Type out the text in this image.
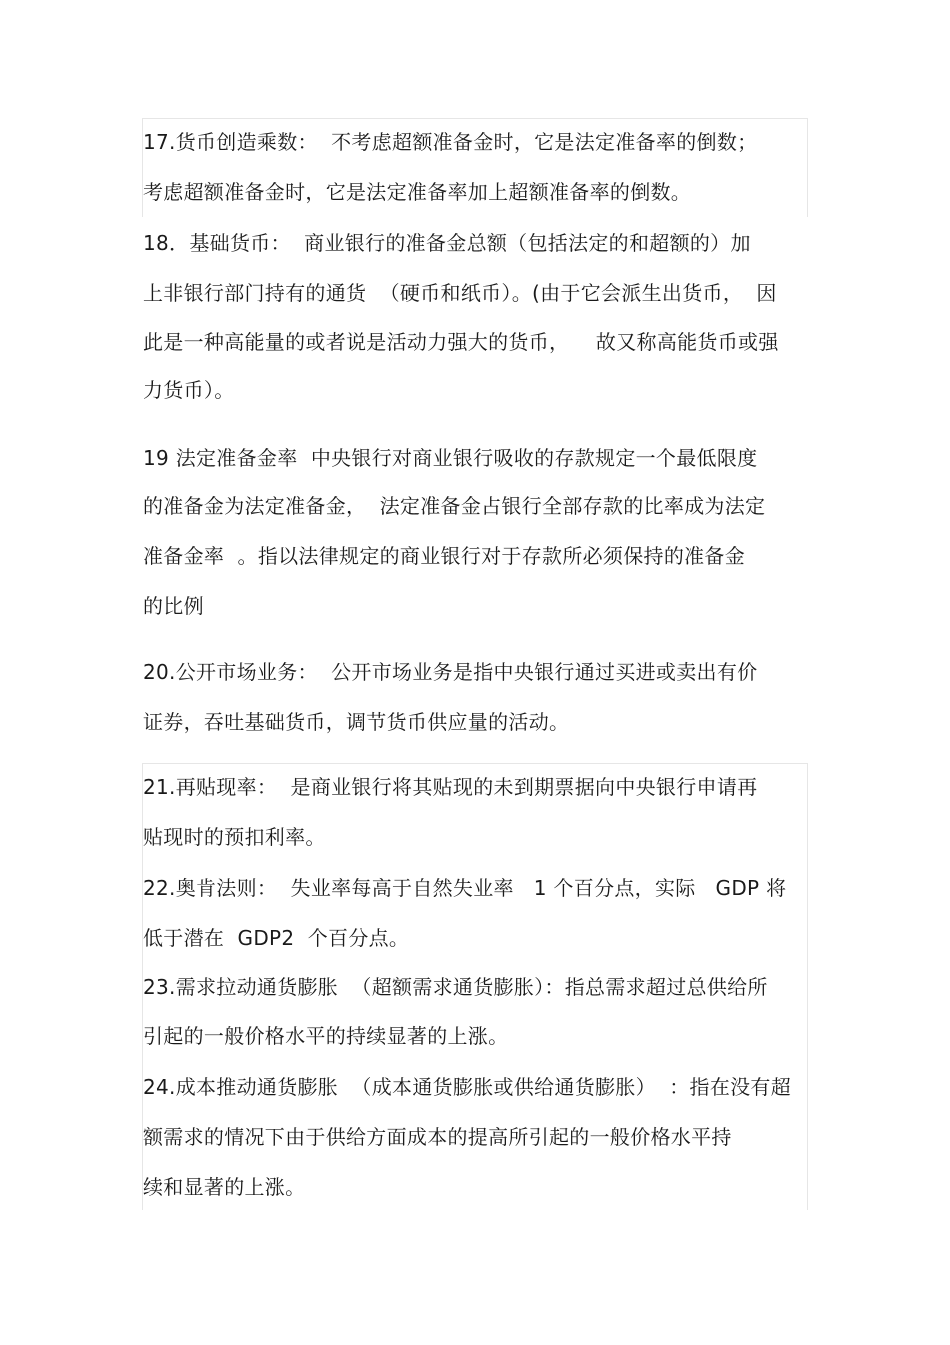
17.货币创造乘数：  不考虑超额准备金时，它是法定准备率的倒数；
考虑超额准备金时，它是法定准备率加上超额准备率的倒数。
18．基础货币：  商业银行的准备金总额（包括法定的和超额的）加
上非银行部门持有的通货  （硬币和纸币）。(由于它会派生出货币，  因
此是一种高能量的或者说是活动力强大的货币，    故又称高能货币或强
力货币）。
19 法定准备金率  中央银行对商业银行吸收的存款规定一个最低限度
的准备金为法定准备金，  法定准备金占银行全部存款的比率成为法定
准备金率  。指以法律规定的商业银行对于存款所必须保持的准备金
的比例
20.公开市场业务：  公开市场业务是指中央银行通过买进或卖出有价
证券，吞吐基础货币，调节货币供应量的活动。
21.再贴现率：  是商业银行将其贴现的未到期票据向中央银行申请再
贴现时的预扣利率。
22.奥肯法则：  失业率每高于自然失业率   1 个百分点，实际   GDP 将
低于潜在  GDP2  个百分点。
23.需求拉动通货膨胀  （超额需求通货膨胀）：指总需求超过总供给所
引起的一般价格水平的持续显著的上涨。
24.成本推动通货膨胀  （成本通货膨胀或供给通货膨胀）  ：指在没有超
额需求的情况下由于供给方面成本的提高所引起的一般价格水平持
续和显著的上涨。
